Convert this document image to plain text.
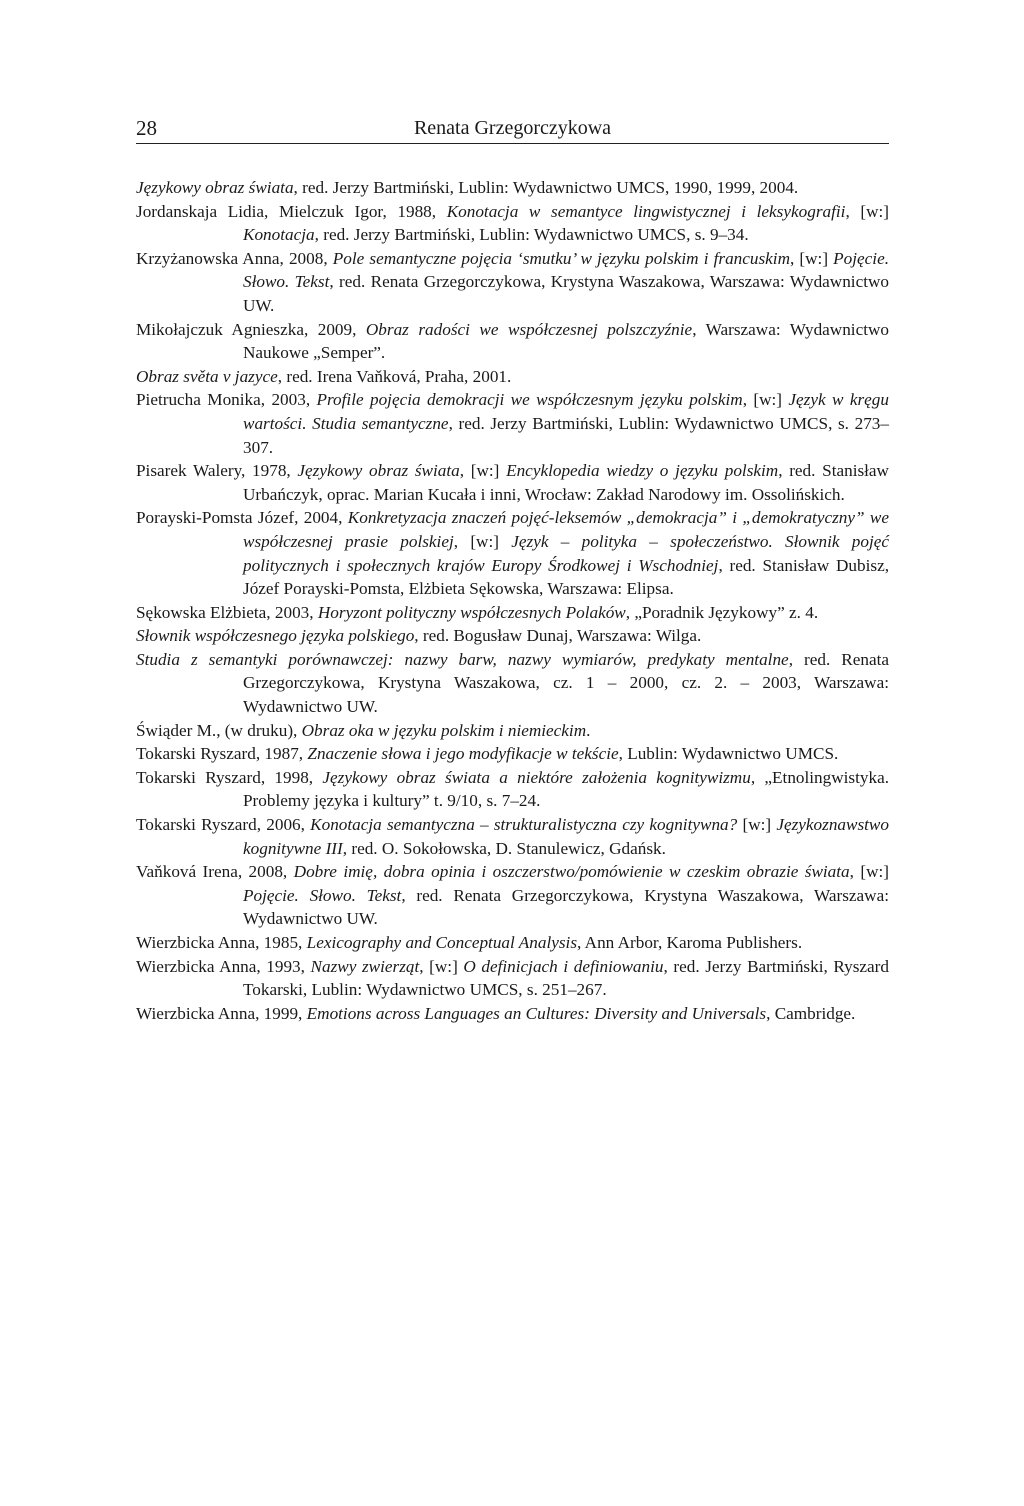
28	Renata Grzegorczykowa
Językowy obraz świata, red. Jerzy Bartmiński, Lublin: Wydawnictwo UMCS, 1990, 1999, 2004.
Jordanskaja Lidia, Mielczuk Igor, 1988, Konotacja w semantyce lingwistycznej i leksykografii, [w:] Konotacja, red. Jerzy Bartmiński, Lublin: Wydawnictwo UMCS, s. 9–34.
Krzyżanowska Anna, 2008, Pole semantyczne pojęcia ‘smutku’ w języku polskim i francuskim, [w:] Pojęcie. Słowo. Tekst, red. Renata Grzegorczykowa, Krystyna Waszakowa, Warszawa: Wydawnictwo UW.
Mikołajczuk Agnieszka, 2009, Obraz radości we współczesnej polszczyźnie, Warszawa: Wydawnictwo Naukowe „Semper”.
Obraz světa v jazyce, red. Irena Vaňková, Praha, 2001.
Pietrucha Monika, 2003, Profile pojęcia demokracji we współczesnym języku polskim, [w:] Język w kręgu wartości. Studia semantyczne, red. Jerzy Bartmiński, Lublin: Wydawnictwo UMCS, s. 273–307.
Pisarek Walery, 1978, Językowy obraz świata, [w:] Encyklopedia wiedzy o języku polskim, red. Stanisław Urbańczyk, oprac. Marian Kucała i inni, Wrocław: Zakład Narodowy im. Ossolińskich.
Porayski-Pomsta Józef, 2004, Konkretyzacja znaczeń pojęć-leksemów „demokracja” i „demokratyczny” we współczesnej prasie polskiej, [w:] Język – polityka – społeczeństwo. Słownik pojęć politycznych i społecznych krajów Europy Środkowej i Wschodniej, red. Stanisław Dubisz, Józef Porayski-Pomsta, Elżbieta Sękowska, Warszawa: Elipsa.
Sękowska Elżbieta, 2003, Horyzont polityczny współczesnych Polaków, „Poradnik Językowy” z. 4.
Słownik współczesnego języka polskiego, red. Bogusław Dunaj, Warszawa: Wilga.
Studia z semantyki porównawczej: nazwy barw, nazwy wymiarów, predykaty mentalne, red. Renata Grzegorczykowa, Krystyna Waszakowa, cz. 1 – 2000, cz. 2. – 2003, Warszawa: Wydawnictwo UW.
Świąder M., (w druku), Obraz oka w języku polskim i niemieckim.
Tokarski Ryszard, 1987, Znaczenie słowa i jego modyfikacje w tekście, Lublin: Wydawnictwo UMCS.
Tokarski Ryszard, 1998, Językowy obraz świata a niektóre założenia kognitywizmu, „Etnolingwistyka. Problemy języka i kultury” t. 9/10, s. 7–24.
Tokarski Ryszard, 2006, Konotacja semantyczna – strukturalistyczna czy kognitywna? [w:] Językoznawstwo kognitywne III, red. O. Sokołowska, D. Stanulewicz, Gdańsk.
Vaňková Irena, 2008, Dobre imię, dobra opinia i oszczerstwo/pomówienie w czeskim obrazie świata, [w:] Pojęcie. Słowo. Tekst, red. Renata Grzegorczykowa, Krystyna Waszakowa, Warszawa: Wydawnictwo UW.
Wierzbicka Anna, 1985, Lexicography and Conceptual Analysis, Ann Arbor, Karoma Publishers.
Wierzbicka Anna, 1993, Nazwy zwierząt, [w:] O definicjach i definiowaniu, red. Jerzy Bartmiński, Ryszard Tokarski, Lublin: Wydawnictwo UMCS, s. 251–267.
Wierzbicka Anna, 1999, Emotions across Languages an Cultures: Diversity and Universals, Cambridge.
